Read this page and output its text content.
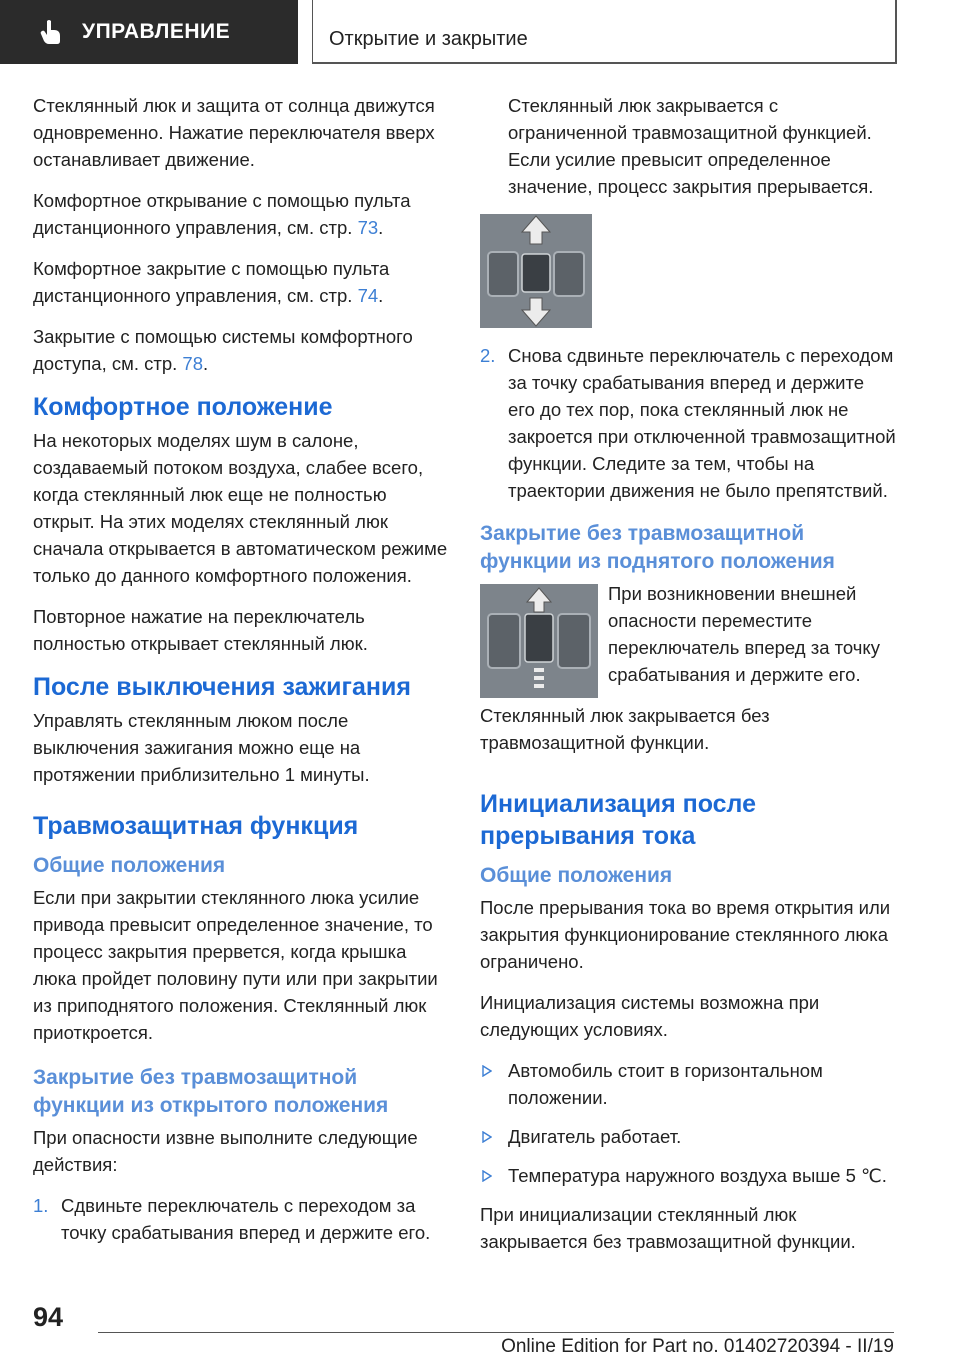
УПРАВЛЕНИЕ	Открытие и закрытие

Стеклянный люк и защита от солнца движутся одновременно. Нажатие переключателя вверх останавливает движение.

Комфортное открывание с помощью пульта дистанционного управления, см. стр. 73.

Комфортное закрытие с помощью пульта дистанционного управления, см. стр. 74.

Закрытие с помощью системы комфортного доступа, см. стр. 78.

Комфортное положение

На некоторых моделях шум в салоне, создаваемый потоком воздуха, слабее всего, когда стеклянный люк еще не полностью открыт. На этих моделях стеклянный люк сначала открывается в автоматическом режиме только до данного комфортного положения.

Повторное нажатие на переключатель полностью открывает стеклянный люк.

После выключения зажигания

Управлять стеклянным люком после выключения зажигания можно еще на протяжении приблизительно 1 минуты.

Травмозащитная функция
Общие положения

Если при закрытии стеклянного люка усилие привода превысит определенное значение, то процесс закрытия прервется, когда крышка люка пройдет половину пути или при закрытии из приподнятого положения. Стеклянный люк приоткроется.

Закрытие без травмозащитной функции из открытого положения

При опасности извне выполните следующие действия:

1. Сдвиньте переключатель с переходом за точку срабатывания вперед и держите его.

Стеклянный люк закрывается с ограниченной травмозащитной функцией. Если усилие превысит определенное значение, процесс закрытия прерывается.

2. Снова сдвиньте переключатель с переходом за точку срабатывания вперед и держите его до тех пор, пока стеклянный люк не закроется при отключенной травмозащитной функции. Следите за тем, чтобы на траектории движения не было препятствий.
Закрытие без травмозащитной функции из поднятого положения

При возникновении внешней опасности переместите переключатель вперед за точку срабатывания и держите его.

Стеклянный люк закрывается без травмозащитной функции.

Инициализация после прерывания тока
Общие положения

После прерывания тока во время открытия или закрытия функционирование стеклянного люка ограничено.

Инициализация системы возможна при следующих условиях.

Автомобиль стоит в горизонтальном положении.
Двигатель работает.
Температура наружного воздуха выше 5 ℃.

При инициализации стеклянный люк закрывается без травмозащитной функции.

94
Online Edition for Part no. 01402720394 - II/19
